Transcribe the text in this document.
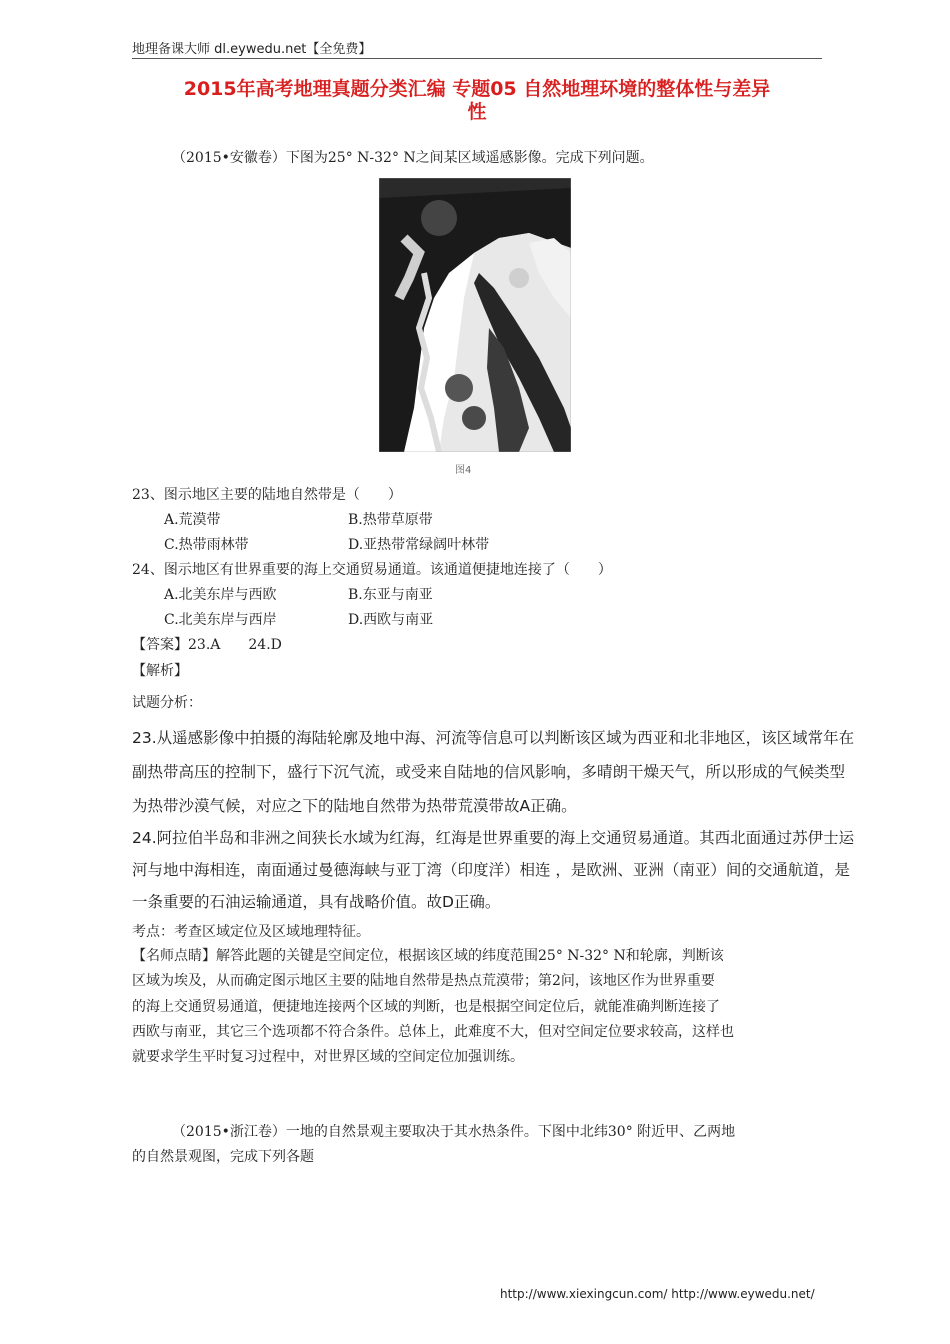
地理备课大师 dl.eywedu.net【全免费】
2015年高考地理真题分类汇编 专题05 自然地理环境的整体性与差异
性
（2015•安徽卷）下图为25° N-32° N之间某区域遥感影像。完成下列问题。
图4
23、图示地区主要的陆地自然带是（　　）
A.荒漠带	B.热带草原带
C.热带雨林带	D.亚热带常绿阔叶林带
24、图示地区有世界重要的海上交通贸易通道。该通道便捷地连接了（　　）
A.北美东岸与西欧	B.东亚与南亚
C.北美东岸与西岸	D.西欧与南亚
【答案】23.A　　24.D
【解析】
试题分析：
23.从遥感影像中拍摄的海陆轮廓及地中海、河流等信息可以判断该区域为西亚和北非地区，该区域常年在
副热带高压的控制下，盛行下沉气流，或受来自陆地的信风影响，多晴朗干燥天气，所以形成的气候类型
为热带沙漠气候，对应之下的陆地自然带为热带荒漠带故A正确。
24.阿拉伯半岛和非洲之间狭长水域为红海，红海是世界重要的海上交通贸易通道。其西北面通过苏伊士运
河与地中海相连，南面通过曼德海峡与亚丁湾（印度洋）相连 ，是欧洲、亚洲（南亚）间的交通航道，是
一条重要的石油运输通道，具有战略价值。故D正确。
考点：考查区域定位及区域地理特征。
【名师点睛】解答此题的关键是空间定位，根据该区域的纬度范围25° N-32° N和轮廓，判断该
区域为埃及，从而确定图示地区主要的陆地自然带是热点荒漠带；第2问，该地区作为世界重要
的海上交通贸易通道，便捷地连接两个区域的判断，也是根据空间定位后，就能准确判断连接了
西欧与南亚，其它三个选项都不符合条件。总体上，此难度不大，但对空间定位要求较高，这样也
就要求学生平时复习过程中，对世界区域的空间定位加强训练。
（2015•浙江卷）一地的自然景观主要取决于其水热条件。下图中北纬30° 附近甲、乙两地
的自然景观图，完成下列各题
http://www.xiexingcun.com/ http://www.eywedu.net/
